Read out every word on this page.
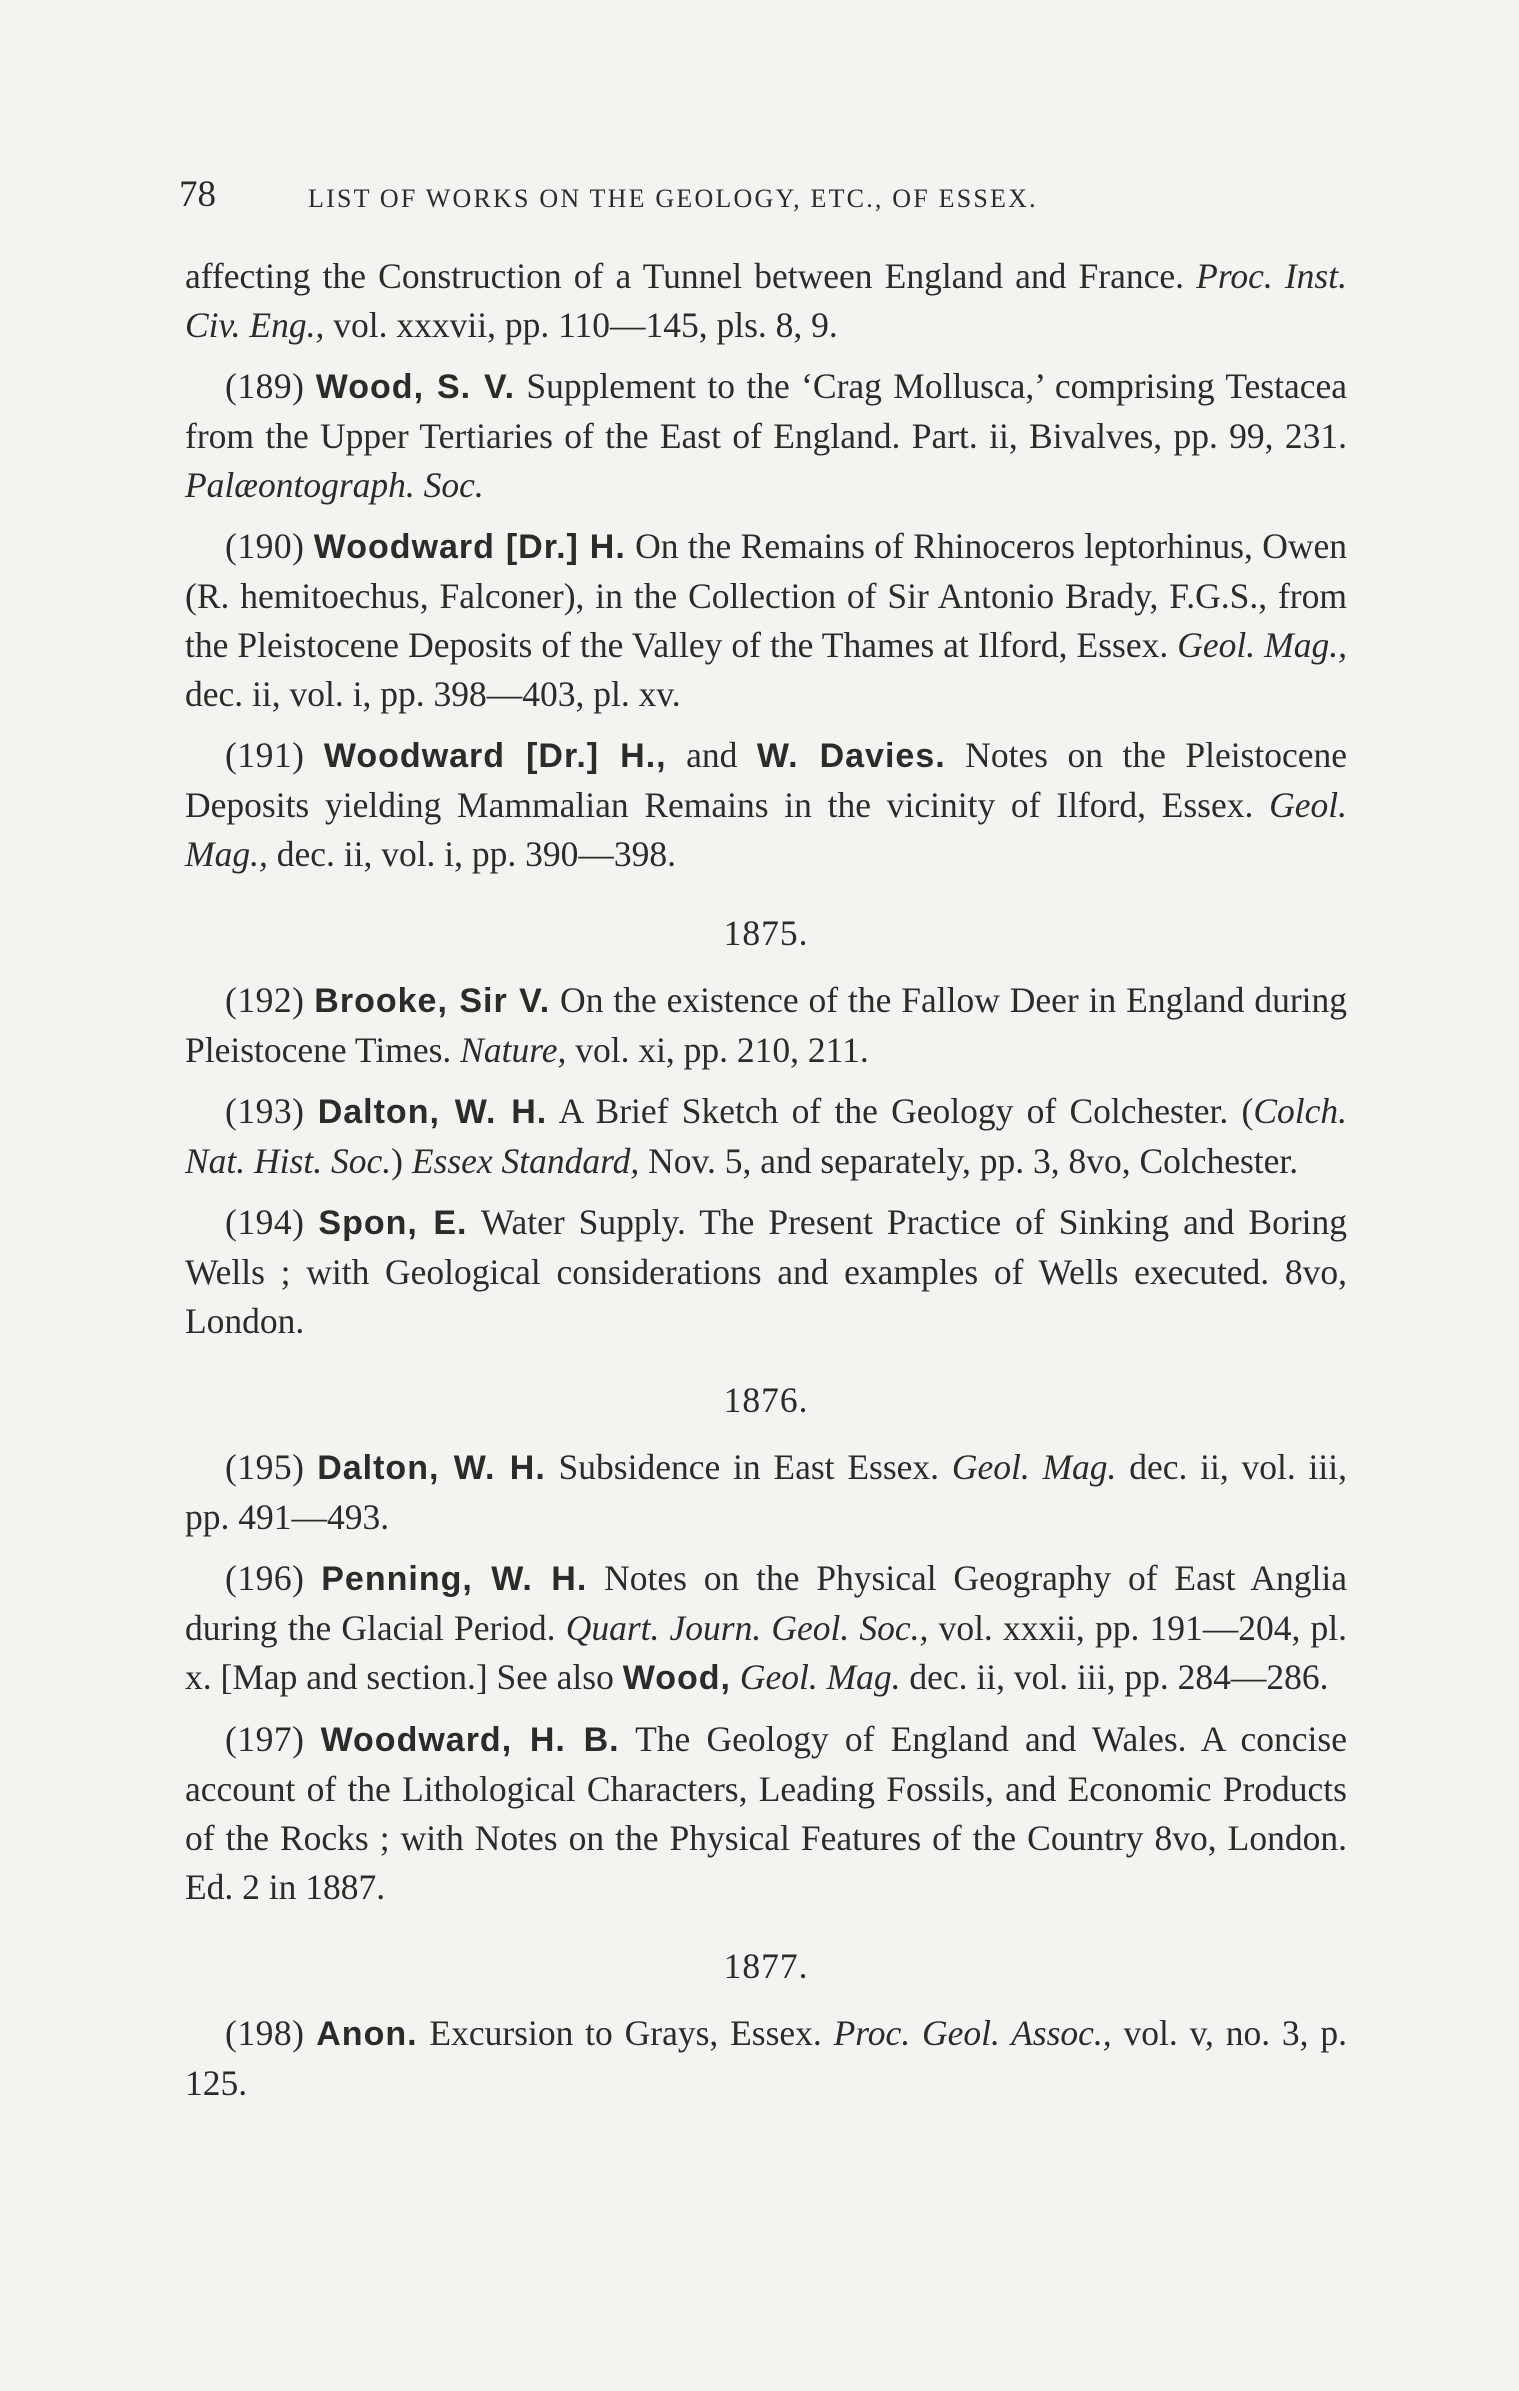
78	LIST OF WORKS ON THE GEOLOGY, ETC., OF ESSEX.

affecting the Construction of a Tunnel between England and France. Proc. Inst. Civ. Eng., vol. xxxvii, pp. 110—145, pls. 8, 9.

(189) Wood, S. V. Supplement to the ‘Crag Mollusca,’ comprising Testacea from the Upper Tertiaries of the East of England. Part. ii, Bivalves, pp. 99, 231. Palæontograph. Soc.

(190) Woodward [Dr.] H. On the Remains of Rhinoceros leptorhinus, Owen (R. hemitoechus, Falconer), in the Collection of Sir Antonio Brady, F.G.S., from the Pleistocene Deposits of the Valley of the Thames at Ilford, Essex. Geol. Mag., dec. ii, vol. i, pp. 398—403, pl. xv.

(191) Woodward [Dr.] H., and W. Davies. Notes on the Pleistocene Deposits yielding Mammalian Remains in the vicinity of Ilford, Essex. Geol. Mag., dec. ii, vol. i, pp. 390—398.

1875.

(192) Brooke, Sir V. On the existence of the Fallow Deer in England during Pleistocene Times. Nature, vol. xi, pp. 210, 211.

(193) Dalton, W. H. A Brief Sketch of the Geology of Colchester. (Colch. Nat. Hist. Soc.) Essex Standard, Nov. 5, and separately, pp. 3, 8vo, Colchester.

(194) Spon, E. Water Supply. The Present Practice of Sinking and Boring Wells ; with Geological considerations and examples of Wells executed. 8vo, London.

1876.

(195) Dalton, W. H. Subsidence in East Essex. Geol. Mag. dec. ii, vol. iii, pp. 491—493.

(196) Penning, W. H. Notes on the Physical Geography of East Anglia during the Glacial Period. Quart. Journ. Geol. Soc., vol. xxxii, pp. 191—204, pl. x. [Map and section.] See also Wood, Geol. Mag. dec. ii, vol. iii, pp. 284—286.

(197) Woodward, H. B. The Geology of England and Wales. A concise account of the Lithological Characters, Leading Fossils, and Economic Products of the Rocks ; with Notes on the Physical Features of the Country 8vo, London. Ed. 2 in 1887.

1877.

(198) Anon. Excursion to Grays, Essex. Proc. Geol. Assoc., vol. v, no. 3, p. 125.
